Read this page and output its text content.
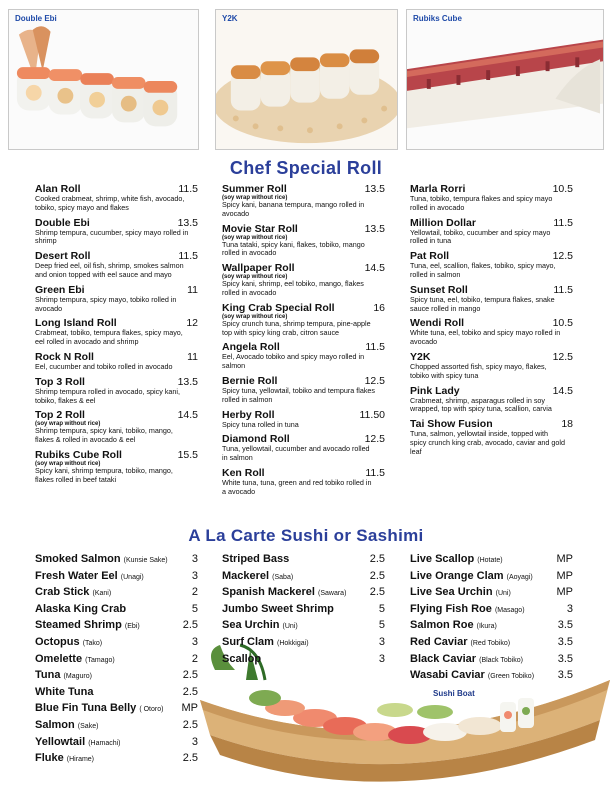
Double Ebi	Y2K	Rubiks Cube
Chef Special Roll
Alan Roll	11.5
Cooked crabmeat, shrimp, white fish, avocado, tobiko, spicy mayo and flakes
Double Ebi	13.5
Shrimp tempura, cucumber, spicy mayo rolled in shrimp
Desert Roll	11.5
Deep fried eel, oil fish, shrimp, smokes salmon and onion topped with eel sauce and mayo
Green Ebi	11
Shrimp tempura, spicy mayo, tobiko rolled in avocado
Long Island Roll	12
Crabmeat, tobiko, tempura flakes, spicy mayo, eel rolled in avocado and shrimp
Rock N Roll	11
Eel, cucumber and tobiko rolled in avocado
Top 3 Roll	13.5
Shrimp tempura rolled in avocado, spicy kani, tobiko, flakes & eel
Top 2 Roll	14.5
(soy wrap without rice)
Shrimp tempura, spicy kani, tobiko, mango, flakes & rolled in avocado & eel
Rubiks Cube Roll	15.5
(soy wrap without rice)
Spicy kani, shrimp tempura, tobiko, mango, flakes rolled in beef tataki
Summer Roll	13.5
(soy wrap without rice)
Spicy kani, banana tempura, mango rolled in avocado
Movie Star Roll	13.5
(soy wrap without rice)
Tuna tataki, spicy kani, flakes, tobiko, mango rolled in avocado
Wallpaper Roll	14.5
(soy wrap without rice)
Spicy kani, shrimp, eel tobiko, mango, flakes rolled in avocado
King Crab Special Roll	16
(soy wrap without rice)
Spicy crunch tuna, shrimp tempura, pine-apple top with spicy king crab, citron sauce
Angela Roll	11.5
Eel, Avocado tobiko and spicy mayo rolled in salmon
Bernie Roll	12.5
Spicy tuna, yellowtail, tobiko and tempura flakes rolled in salmon
Herby Roll	11.50
Spicy tuna rolled in tuna
Diamond Roll	12.5
Tuna, yellowtail, cucumber and avocado rolled in salmon
Ken Roll	11.5
White tuna, tuna, green and red tobiko rolled in a avocado
Marla Rorri	10.5
Tuna, tobiko, tempura flakes and spicy mayo rolled in avocado
Million Dollar	11.5
Yellowtail, tobiko, cucumber and spicy mayo rolled in tuna
Pat Roll	12.5
Tuna, eel, scallion, flakes, tobiko, spicy mayo, rolled in salmon
Sunset Roll	11.5
Spicy tuna, eel, tobiko, tempura flakes, snake sauce rolled in mango
Wendi Roll	10.5
White tuna, eel, tobiko and spicy mayo rolled in avocado
Y2K	12.5
Chopped assorted fish, spicy mayo, flakes, tobiko with spicy tuna
Pink Lady	14.5
Crabmeat, shrimp, asparagus rolled in soy wrapped, top with spicy tuna, scallion, carvia
Tai Show Fusion	18
Tuna, salmon, yellowtail inside, topped with spicy crunch king crab, avocado, caviar and gold leaf
A La Carte Sushi or Sashimi
Sushi Boat
Smoked Salmon (Kunsie Sake)	3
Fresh Water Eel (Unagi)	3
Crab Stick (Kani)	2
Alaska King Crab	5
Steamed Shrimp (Ebi)	2.5
Octopus (Tako)	3
Omelette (Tamago)	2
Tuna (Maguro)	2.5
White Tuna	2.5
Blue Fin Tuna Belly ( Otoro)	MP
Salmon (Sake)	2.5
Yellowtail (Hamachi)	3
Fluke (Hirame)	2.5
Striped Bass	2.5
Mackerel (Saba)	2.5
Spanish Mackerel (Sawara)	2.5
Jumbo Sweet Shrimp	5
Sea Urchin (Uni)	5
Surf Clam (Hokkigai)	3
Scallop	3
Live Scallop (Hotate)	MP
Live Orange Clam (Aoyagi)	MP
Live Sea Urchin (Uni)	MP
Flying Fish Roe (Masago)	3
Salmon Roe (Ikura)	3.5
Red Caviar (Red Tobiko)	3.5
Black Caviar (Black Tobiko)	3.5
Wasabi Caviar (Green Tobiko)	3.5
